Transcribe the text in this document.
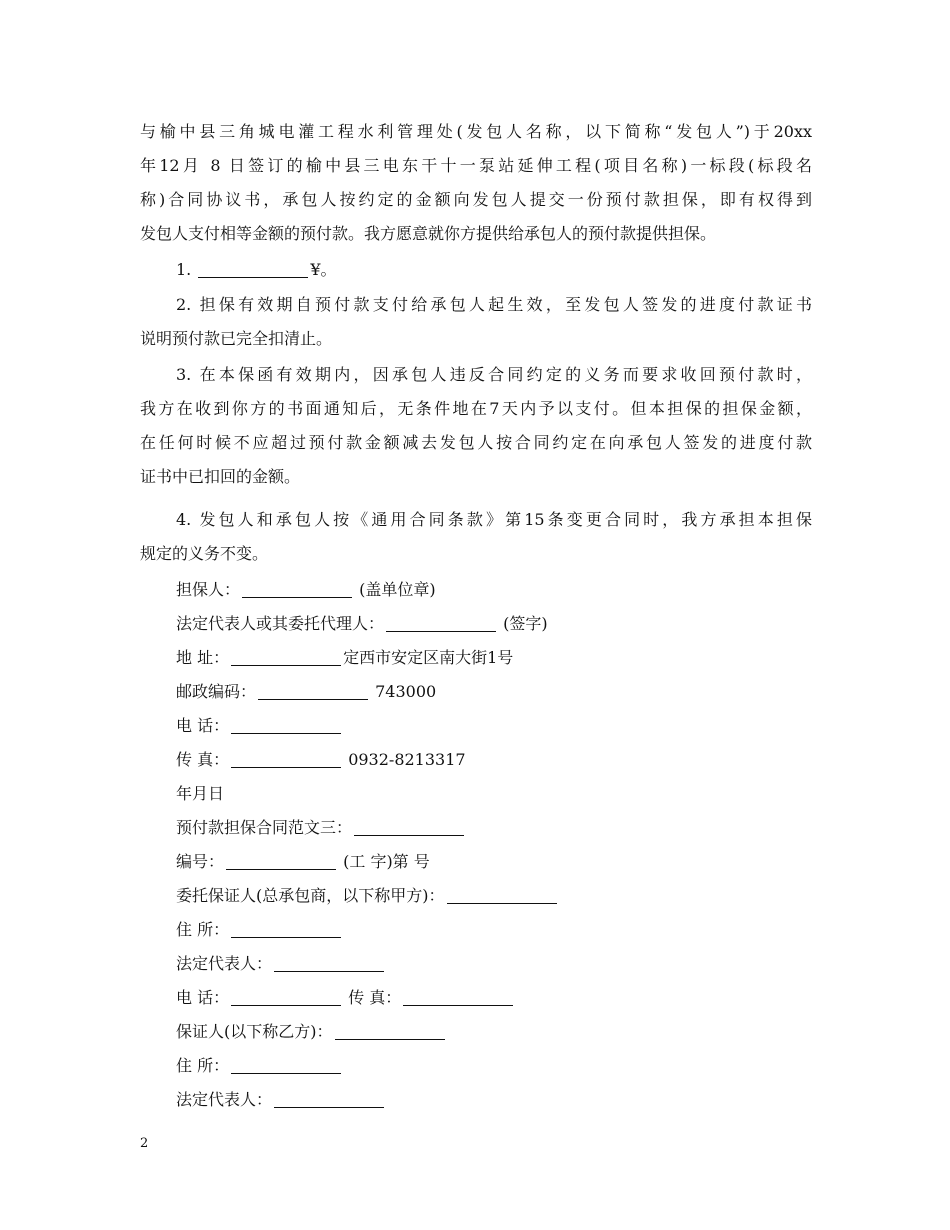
与榆中县三角城电灌工程水利管理处(发包人名称，以下简称“发包人”)于20xx
年12月 8 日签订的榆中县三电东干十一泵站延伸工程(项目名称)一标段(标段名
称)合同协议书，承包人按约定的金额向发包人提交一份预付款担保，即有权得到
发包人支付相等金额的预付款。我方愿意就你方提供给承包人的预付款提供担保。
1.	¥。
2. 担保有效期自预付款支付给承包人起生效，至发包人签发的进度付款证书
说明预付款已完全扣清止。
3. 在本保函有效期内，因承包人违反合同约定的义务而要求收回预付款时，
我方在收到你方的书面通知后，无条件地在7天内予以支付。但本担保的担保金额，
在任何时候不应超过预付款金额减去发包人按合同约定在向承包人签发的进度付款
证书中已扣回的金额。
4. 发包人和承包人按《通用合同条款》第15条变更合同时，我方承担本担保
规定的义务不变。
担保人：	(盖单位章)
法定代表人或其委托代理人：	(签字)
地 址：	定西市安定区南大街1号
邮政编码：	743000
电 话：
传 真：	0932-8213317
年月日
预付款担保合同范文三：
编号：	(工 字)第 号
委托保证人(总承包商，以下称甲方)：
住 所：
法定代表人：
电 话：	传 真：
保证人(以下称乙方)：
住 所：
法定代表人：
2
